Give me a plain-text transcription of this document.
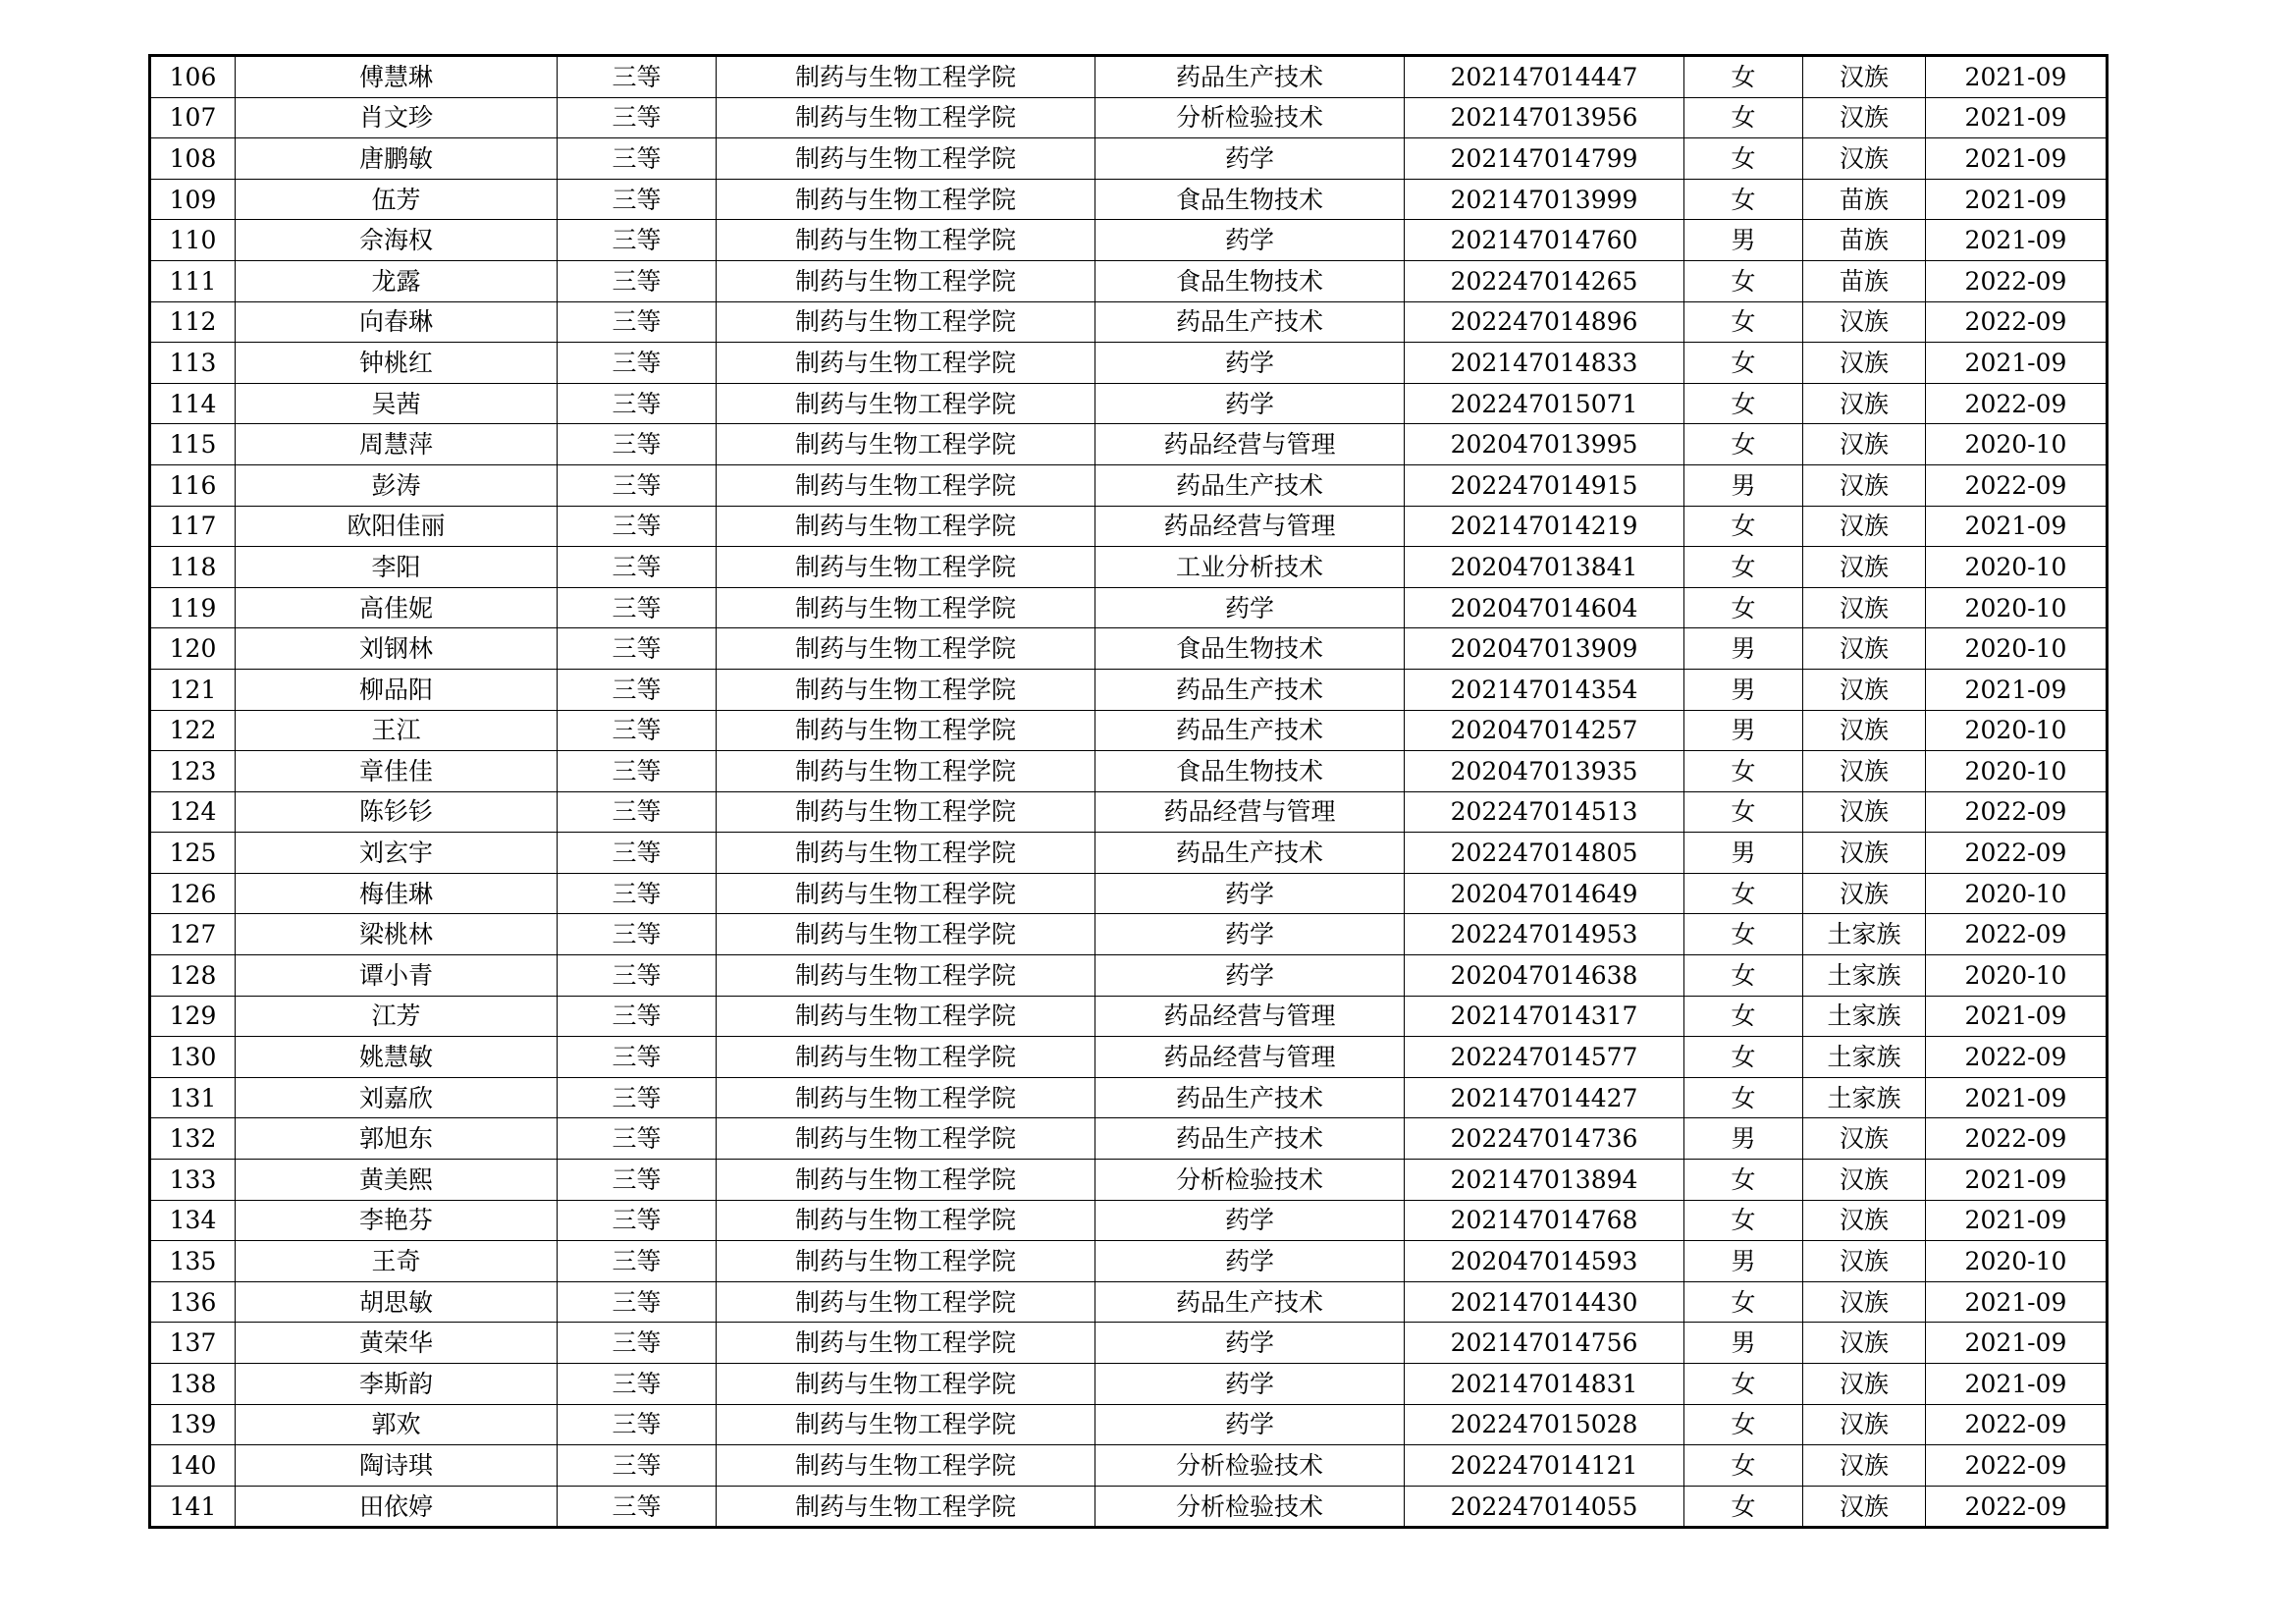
106	傅慧琳	三等	制药与生物工程学院	药品生产技术	202147014447	女	汉族	2021-09
107	肖文珍	三等	制药与生物工程学院	分析检验技术	202147013956	女	汉族	2021-09
108	唐鹏敏	三等	制药与生物工程学院	药学	202147014799	女	汉族	2021-09
109	伍芳	三等	制药与生物工程学院	食品生物技术	202147013999	女	苗族	2021-09
110	佘海权	三等	制药与生物工程学院	药学	202147014760	男	苗族	2021-09
111	龙露	三等	制药与生物工程学院	食品生物技术	202247014265	女	苗族	2022-09
112	向春琳	三等	制药与生物工程学院	药品生产技术	202247014896	女	汉族	2022-09
113	钟桃红	三等	制药与生物工程学院	药学	202147014833	女	汉族	2021-09
114	吴茜	三等	制药与生物工程学院	药学	202247015071	女	汉族	2022-09
115	周慧萍	三等	制药与生物工程学院	药品经营与管理	202047013995	女	汉族	2020-10
116	彭涛	三等	制药与生物工程学院	药品生产技术	202247014915	男	汉族	2022-09
117	欧阳佳丽	三等	制药与生物工程学院	药品经营与管理	202147014219	女	汉族	2021-09
118	李阳	三等	制药与生物工程学院	工业分析技术	202047013841	女	汉族	2020-10
119	高佳妮	三等	制药与生物工程学院	药学	202047014604	女	汉族	2020-10
120	刘钢林	三等	制药与生物工程学院	食品生物技术	202047013909	男	汉族	2020-10
121	柳品阳	三等	制药与生物工程学院	药品生产技术	202147014354	男	汉族	2021-09
122	王江	三等	制药与生物工程学院	药品生产技术	202047014257	男	汉族	2020-10
123	章佳佳	三等	制药与生物工程学院	食品生物技术	202047013935	女	汉族	2020-10
124	陈钐钐	三等	制药与生物工程学院	药品经营与管理	202247014513	女	汉族	2022-09
125	刘玄宇	三等	制药与生物工程学院	药品生产技术	202247014805	男	汉族	2022-09
126	梅佳琳	三等	制药与生物工程学院	药学	202047014649	女	汉族	2020-10
127	梁桃林	三等	制药与生物工程学院	药学	202247014953	女	土家族	2022-09
128	谭小青	三等	制药与生物工程学院	药学	202047014638	女	土家族	2020-10
129	江芳	三等	制药与生物工程学院	药品经营与管理	202147014317	女	土家族	2021-09
130	姚慧敏	三等	制药与生物工程学院	药品经营与管理	202247014577	女	土家族	2022-09
131	刘嘉欣	三等	制药与生物工程学院	药品生产技术	202147014427	女	土家族	2021-09
132	郭旭东	三等	制药与生物工程学院	药品生产技术	202247014736	男	汉族	2022-09
133	黄美熙	三等	制药与生物工程学院	分析检验技术	202147013894	女	汉族	2021-09
134	李艳芬	三等	制药与生物工程学院	药学	202147014768	女	汉族	2021-09
135	王奇	三等	制药与生物工程学院	药学	202047014593	男	汉族	2020-10
136	胡思敏	三等	制药与生物工程学院	药品生产技术	202147014430	女	汉族	2021-09
137	黄荣华	三等	制药与生物工程学院	药学	202147014756	男	汉族	2021-09
138	李斯韵	三等	制药与生物工程学院	药学	202147014831	女	汉族	2021-09
139	郭欢	三等	制药与生物工程学院	药学	202247015028	女	汉族	2022-09
140	陶诗琪	三等	制药与生物工程学院	分析检验技术	202247014121	女	汉族	2022-09
141	田依婷	三等	制药与生物工程学院	分析检验技术	202247014055	女	汉族	2022-09
